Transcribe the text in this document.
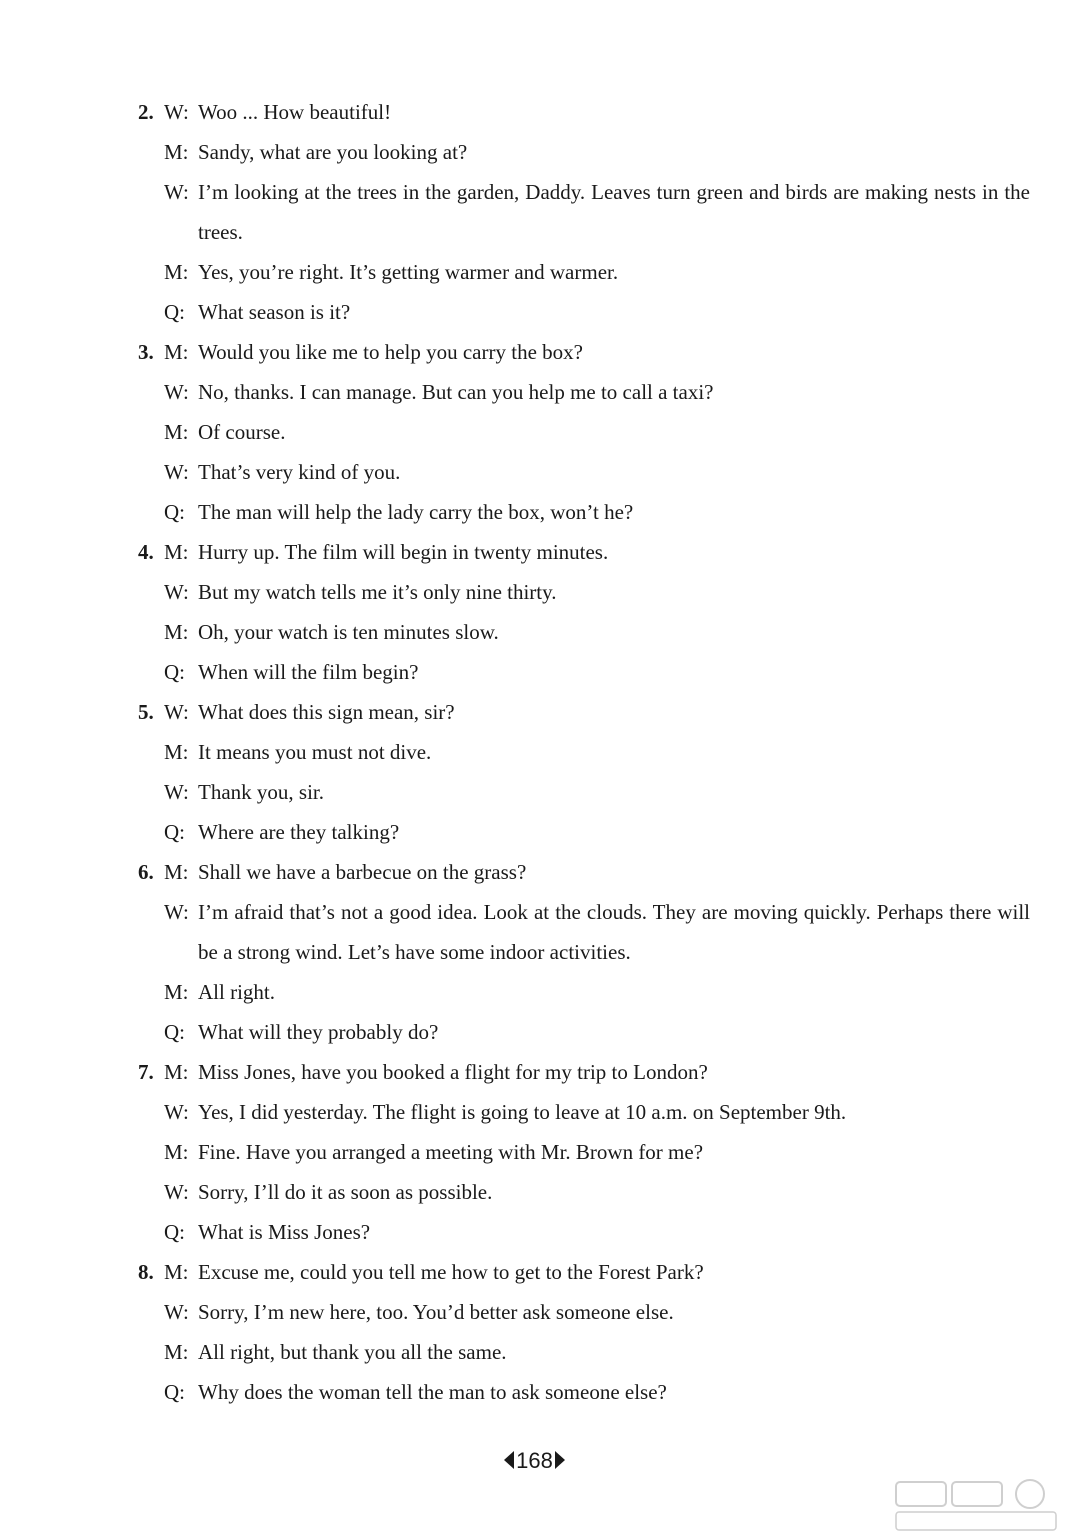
2. W: Woo ... How beautiful!
M: Sandy, what are you looking at?
W: I’m looking at the trees in the garden, Daddy. Leaves turn green and birds are making nests in the trees.
M: Yes, you’re right. It’s getting warmer and warmer.
Q: What season is it?
3. M: Would you like me to help you carry the box?
W: No, thanks. I can manage. But can you help me to call a taxi?
M: Of course.
W: That’s very kind of you.
Q: The man will help the lady carry the box, won’t he?
4. M: Hurry up. The film will begin in twenty minutes.
W: But my watch tells me it’s only nine thirty.
M: Oh, your watch is ten minutes slow.
Q: When will the film begin?
5. W: What does this sign mean, sir?
M: It means you must not dive.
W: Thank you, sir.
Q: Where are they talking?
6. M: Shall we have a barbecue on the grass?
W: I’m afraid that’s not a good idea. Look at the clouds. They are moving quickly. Perhaps there will be a strong wind. Let’s have some indoor activities.
M: All right.
Q: What will they probably do?
7. M: Miss Jones, have you booked a flight for my trip to London?
W: Yes, I did yesterday. The flight is going to leave at 10 a.m. on September 9th.
M: Fine. Have you arranged a meeting with Mr. Brown for me?
W: Sorry, I’ll do it as soon as possible.
Q: What is Miss Jones?
8. M: Excuse me, could you tell me how to get to the Forest Park?
W: Sorry, I’m new here, too. You’d better ask someone else.
M: All right, but thank you all the same.
Q: Why does the woman tell the man to ask someone else?
168
